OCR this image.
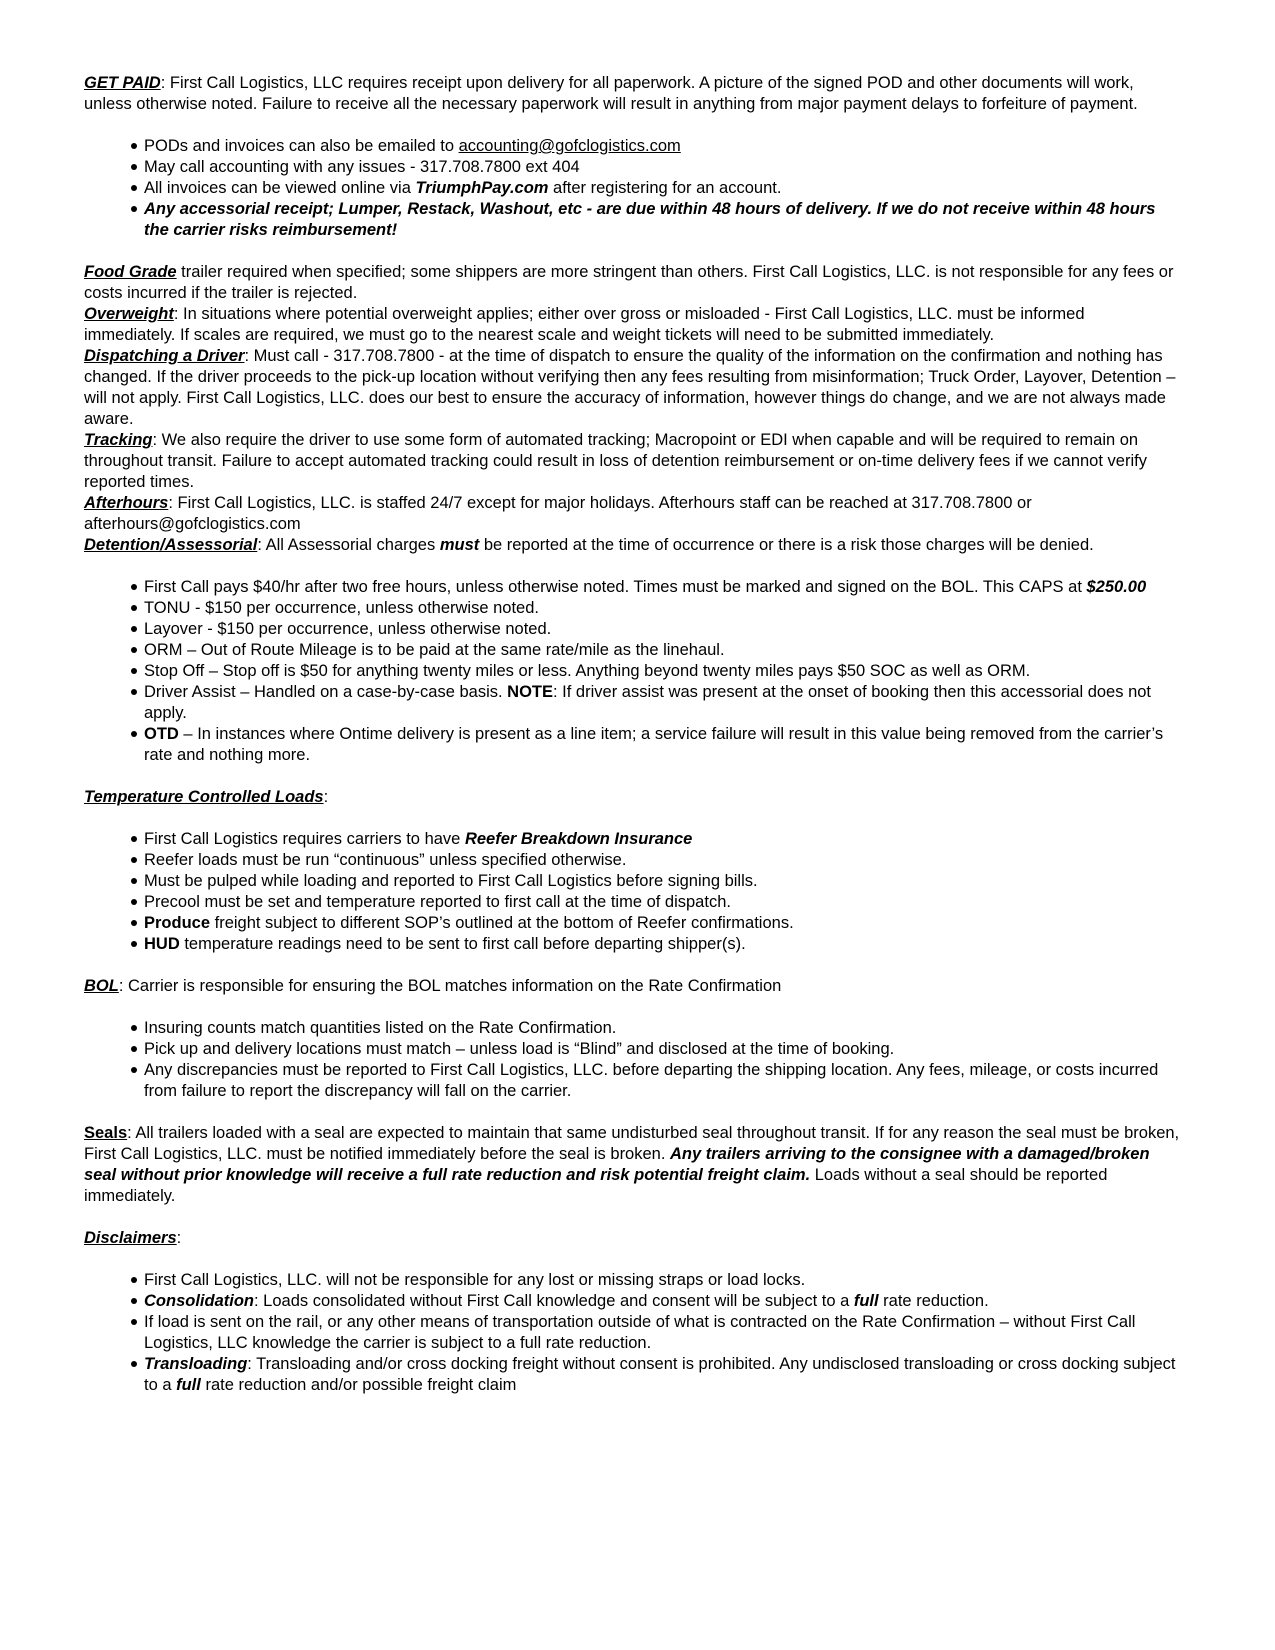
GET PAID: First Call Logistics, LLC requires receipt upon delivery for all paperwork. A picture of the signed POD and other documents will work, unless otherwise noted. Failure to receive all the necessary paperwork will result in anything from major payment delays to forfeiture of payment.

PODs and invoices can also be emailed to accounting@gofclogistics.com
May call accounting with any issues - 317.708.7800 ext 404
All invoices can be viewed online via TriumphPay.com after registering for an account.
Any accessorial receipt; Lumper, Restack, Washout, etc - are due within 48 hours of delivery. If we do not receive within 48 hours the carrier risks reimbursement!

Food Grade trailer required when specified; some shippers are more stringent than others. First Call Logistics, LLC. is not responsible for any fees or costs incurred if the trailer is rejected.

Overweight: In situations where potential overweight applies; either over gross or misloaded - First Call Logistics, LLC. must be informed immediately. If scales are required, we must go to the nearest scale and weight tickets will need to be submitted immediately.

Dispatching a Driver: Must call - 317.708.7800 - at the time of dispatch to ensure the quality of the information on the confirmation and nothing has changed. If the driver proceeds to the pick-up location without verifying then any fees resulting from misinformation; Truck Order, Layover, Detention – will not apply. First Call Logistics, LLC. does our best to ensure the accuracy of information, however things do change, and we are not always made aware.

Tracking: We also require the driver to use some form of automated tracking; Macropoint or EDI when capable and will be required to remain on throughout transit. Failure to accept automated tracking could result in loss of detention reimbursement or on-time delivery fees if we cannot verify reported times.

Afterhours: First Call Logistics, LLC. is staffed 24/7 except for major holidays. Afterhours staff can be reached at 317.708.7800 or afterhours@gofclogistics.com

Detention/Assessorial: All Assessorial charges must be reported at the time of occurrence or there is a risk those charges will be denied.

First Call pays $40/hr after two free hours, unless otherwise noted. Times must be marked and signed on the BOL. This CAPS at $250.00
TONU - $150 per occurrence, unless otherwise noted.
Layover - $150 per occurrence, unless otherwise noted.
ORM – Out of Route Mileage is to be paid at the same rate/mile as the linehaul.
Stop Off – Stop off is $50 for anything twenty miles or less. Anything beyond twenty miles pays $50 SOC as well as ORM.
Driver Assist – Handled on a case-by-case basis. NOTE: If driver assist was present at the onset of booking then this accessorial does not apply.
OTD – In instances where Ontime delivery is present as a line item; a service failure will result in this value being removed from the carrier’s rate and nothing more.

Temperature Controlled Loads:

First Call Logistics requires carriers to have Reefer Breakdown Insurance
Reefer loads must be run “continuous” unless specified otherwise.
Must be pulped while loading and reported to First Call Logistics before signing bills.
Precool must be set and temperature reported to first call at the time of dispatch.
Produce freight subject to different SOP’s outlined at the bottom of Reefer confirmations.
HUD temperature readings need to be sent to first call before departing shipper(s).

BOL: Carrier is responsible for ensuring the BOL matches information on the Rate Confirmation

Insuring counts match quantities listed on the Rate Confirmation.
Pick up and delivery locations must match – unless load is “Blind” and disclosed at the time of booking.
Any discrepancies must be reported to First Call Logistics, LLC. before departing the shipping location. Any fees, mileage, or costs incurred from failure to report the discrepancy will fall on the carrier.

Seals: All trailers loaded with a seal are expected to maintain that same undisturbed seal throughout transit. If for any reason the seal must be broken, First Call Logistics, LLC. must be notified immediately before the seal is broken. Any trailers arriving to the consignee with a damaged/broken seal without prior knowledge will receive a full rate reduction and risk potential freight claim. Loads without a seal should be reported immediately.

Disclaimers:

First Call Logistics, LLC. will not be responsible for any lost or missing straps or load locks.
Consolidation: Loads consolidated without First Call knowledge and consent will be subject to a full rate reduction.
If load is sent on the rail, or any other means of transportation outside of what is contracted on the Rate Confirmation – without First Call Logistics, LLC knowledge the carrier is subject to a full rate reduction.
Transloading: Transloading and/or cross docking freight without consent is prohibited. Any undisclosed transloading or cross docking subject to a full rate reduction and/or possible freight claim
